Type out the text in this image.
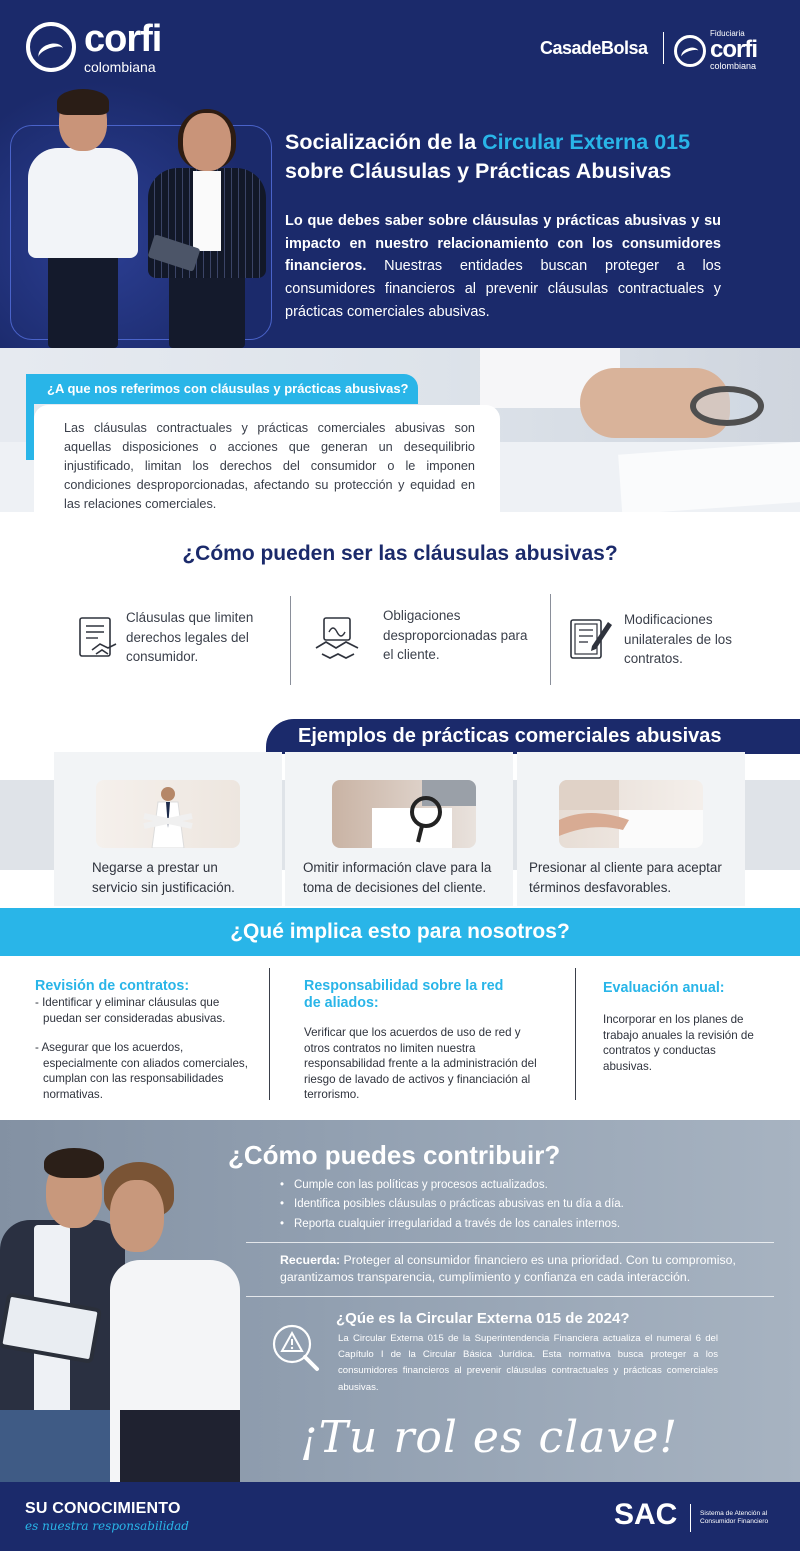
corfi
colombiana
CasadeBolsa
Fiduciaria
corfi
colombiana
Socialización de la Circular Externa 015
sobre Cláusulas y Prácticas Abusivas

Lo que debes saber sobre cláusulas y prácticas abusivas y su impacto en nuestro relacionamiento con los consumidores financieros. Nuestras entidades buscan proteger a los consumidores financieros al prevenir cláusulas contractuales y prácticas comerciales abusivas.

¿A que nos referimos con cláusulas y prácticas abusivas?

Las cláusulas contractuales y prácticas comerciales abusivas son aquellas disposiciones o acciones que generan un desequilibrio injustificado, limitan los derechos del consumidor o le imponen condiciones desproporcionadas, afectando su protección y equidad en las relaciones comerciales.

¿Cómo pueden ser las cláusulas abusivas?
Cláusulas que limiten derechos legales del consumidor.
Obligaciones desproporcionadas para el cliente.
Modificaciones unilaterales de los contratos.
Ejemplos de prácticas comerciales abusivas
Negarse a prestar un servicio sin justificación.
Omitir información clave para la toma de decisiones del cliente.
Presionar al cliente para aceptar términos desfavorables.
¿Qué implica esto para nosotros?
Revisión de contratos:
- Identificar y eliminar cláusulas que puedan ser consideradas abusivas.
- Asegurar que los acuerdos, especialmente con aliados comerciales, cumplan con las responsabilidades normativas.
Responsabilidad sobre la red de aliados:

Verificar que los acuerdos de uso de red y otros contratos no limiten nuestra responsabilidad frente a la administración del riesgo de lavado de activos y financiación al terrorismo.

Evaluación anual:

Incorporar en los planes de trabajo anuales la revisión de contratos y conductas abusivas.

¿Cómo puedes contribuir?
• Cumple con las políticas y procesos actualizados.
• Identifica posibles cláusulas o prácticas abusivas en tu día a día.
• Reporta cualquier irregularidad a través de los canales internos.

Recuerda: Proteger al consumidor financiero es una prioridad. Con tu compromiso, garantizamos transparencia, cumplimiento y confianza en cada interacción.

¿Qúe es la Circular Externa 015 de 2024?

La Circular Externa 015 de la Superintendencia Financiera actualiza el numeral 6 del Capítulo I de la Circular Básica Jurídica. Esta normativa busca proteger a los consumidores financieros al prevenir cláusulas contractuales y prácticas comerciales abusivas.

¡Tu rol es clave!
SU CONOCIMIENTO
es nuestra responsabilidad	SAC	Sistema de Atención al Consumidor Financiero
